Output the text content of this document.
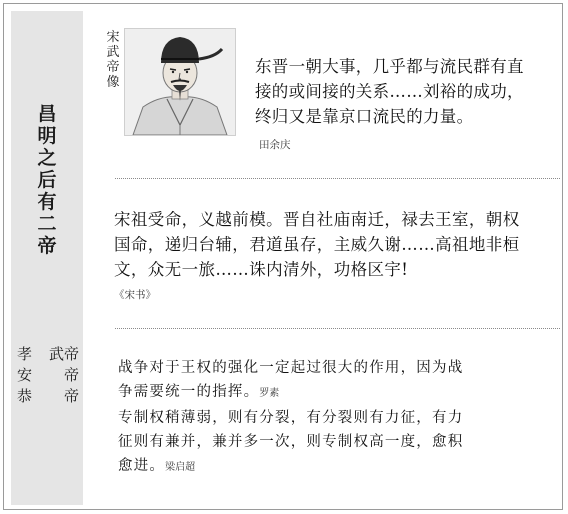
昌
明
之
后
有
二
帝
孝 武帝
安 帝
恭 帝
宋
武
帝
像
东晋一朝大事，几乎都与流民群有直接的或间接的关系……刘裕的成功，终归又是靠京口流民的力量。
田余庆
宋祖受命，义越前模。晋自社庙南迁，禄去王室，朝权国命，递归台辅，君道虽存，主威久谢……高祖地非桓文，众无一旅……诛内清外，功格区宇!
《宋书》
战争对于王权的强化一定起过很大的作用，因为战
争需要统一的指挥。罗素
专制权稍薄弱，则有分裂，有分裂则有力征，有力
征则有兼并，兼并多一次，则专制权高一度，愈积
愈进。梁启超
